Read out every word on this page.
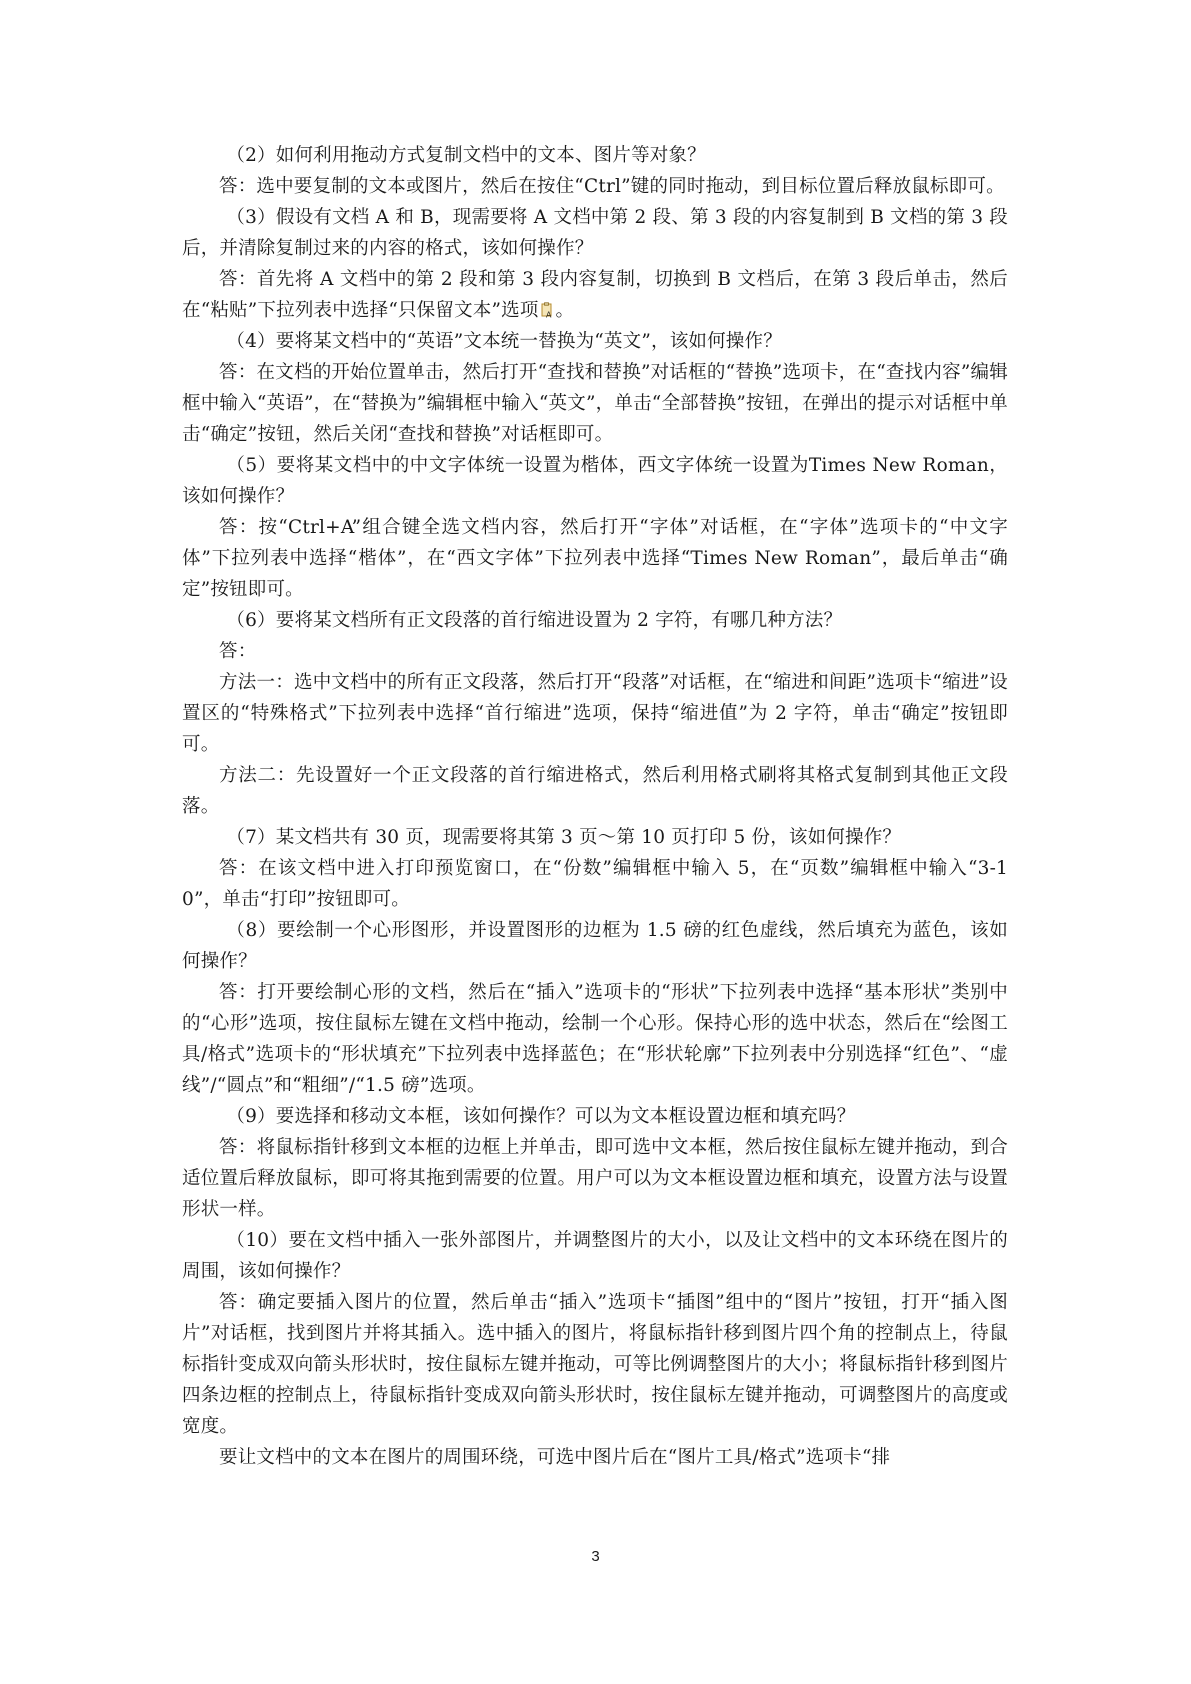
（2）如何利用拖动方式复制文档中的文本、图片等对象？

答：选中要复制的文本或图片，然后在按住“Ctrl”键的同时拖动，到目标位置后释放鼠标即可。

（3）假设有文档 A 和 B，现需要将 A 文档中第 2 段、第 3 段的内容复制到 B 文档的第 3 段后，并清除复制过来的内容的格式，该如何操作？

答：首先将 A 文档中的第 2 段和第 3 段内容复制，切换到 B 文档后，在第 3 段后单击，然后在“粘贴”下拉列表中选择“只保留文本”选项 A 。

（4）要将某文档中的“英语”文本统一替换为“英文”，该如何操作？

答：在文档的开始位置单击，然后打开“查找和替换”对话框的“替换”选项卡，在“查找内容”编辑框中输入“英语”，在“替换为”编辑框中输入“英文”，单击“全部替换”按钮，在弹出的提示对话框中单击“确定”按钮，然后关闭“查找和替换”对话框即可。

（5）要将某文档中的中文字体统一设置为楷体，西文字体统一设置为Times New Roman，该如何操作？

答：按“Ctrl+A”组合键全选文档内容，然后打开“字体”对话框，在“字体”选项卡的“中文字体”下拉列表中选择“楷体”，在“西文字体”下拉列表中选择“Times New Roman”，最后单击“确定”按钮即可。

（6）要将某文档所有正文段落的首行缩进设置为 2 字符，有哪几种方法？

答：

方法一：选中文档中的所有正文段落，然后打开“段落”对话框，在“缩进和间距”选项卡“缩进”设置区的“特殊格式”下拉列表中选择“首行缩进”选项，保持“缩进值”为 2 字符，单击“确定”按钮即可。

方法二：先设置好一个正文段落的首行缩进格式，然后利用格式刷将其格式复制到其他正文段落。

（7）某文档共有 30 页，现需要将其第 3 页～第 10 页打印 5 份，该如何操作？

答：在该文档中进入打印预览窗口，在“份数”编辑框中输入 5，在“页数”编辑框中输入“3-10”，单击“打印”按钮即可。

（8）要绘制一个心形图形，并设置图形的边框为 1.5 磅的红色虚线，然后填充为蓝色，该如何操作？

答：打开要绘制心形的文档，然后在“插入”选项卡的“形状”下拉列表中选择“基本形状”类别中的“心形”选项，按住鼠标左键在文档中拖动，绘制一个心形。保持心形的选中状态，然后在“绘图工具/格式”选项卡的“形状填充”下拉列表中选择蓝色；在“形状轮廓”下拉列表中分别选择“红色”、“虚线”/“圆点”和“粗细”/“1.5 磅”选项。

（9）要选择和移动文本框，该如何操作？可以为文本框设置边框和填充吗？

答：将鼠标指针移到文本框的边框上并单击，即可选中文本框，然后按住鼠标左键并拖动，到合适位置后释放鼠标，即可将其拖到需要的位置。用户可以为文本框设置边框和填充，设置方法与设置形状一样。

（10）要在文档中插入一张外部图片，并调整图片的大小，以及让文档中的文本环绕在图片的周围，该如何操作？

答：确定要插入图片的位置，然后单击“插入”选项卡“插图”组中的“图片”按钮，打开“插入图片”对话框，找到图片并将其插入。选中插入的图片，将鼠标指针移到图片四个角的控制点上，待鼠标指针变成双向箭头形状时，按住鼠标左键并拖动，可等比例调整图片的大小；将鼠标指针移到图片四条边框的控制点上，待鼠标指针变成双向箭头形状时，按住鼠标左键并拖动，可调整图片的高度或宽度。

要让文档中的文本在图片的周围环绕，可选中图片后在“图片工具/格式”选项卡“排

3
